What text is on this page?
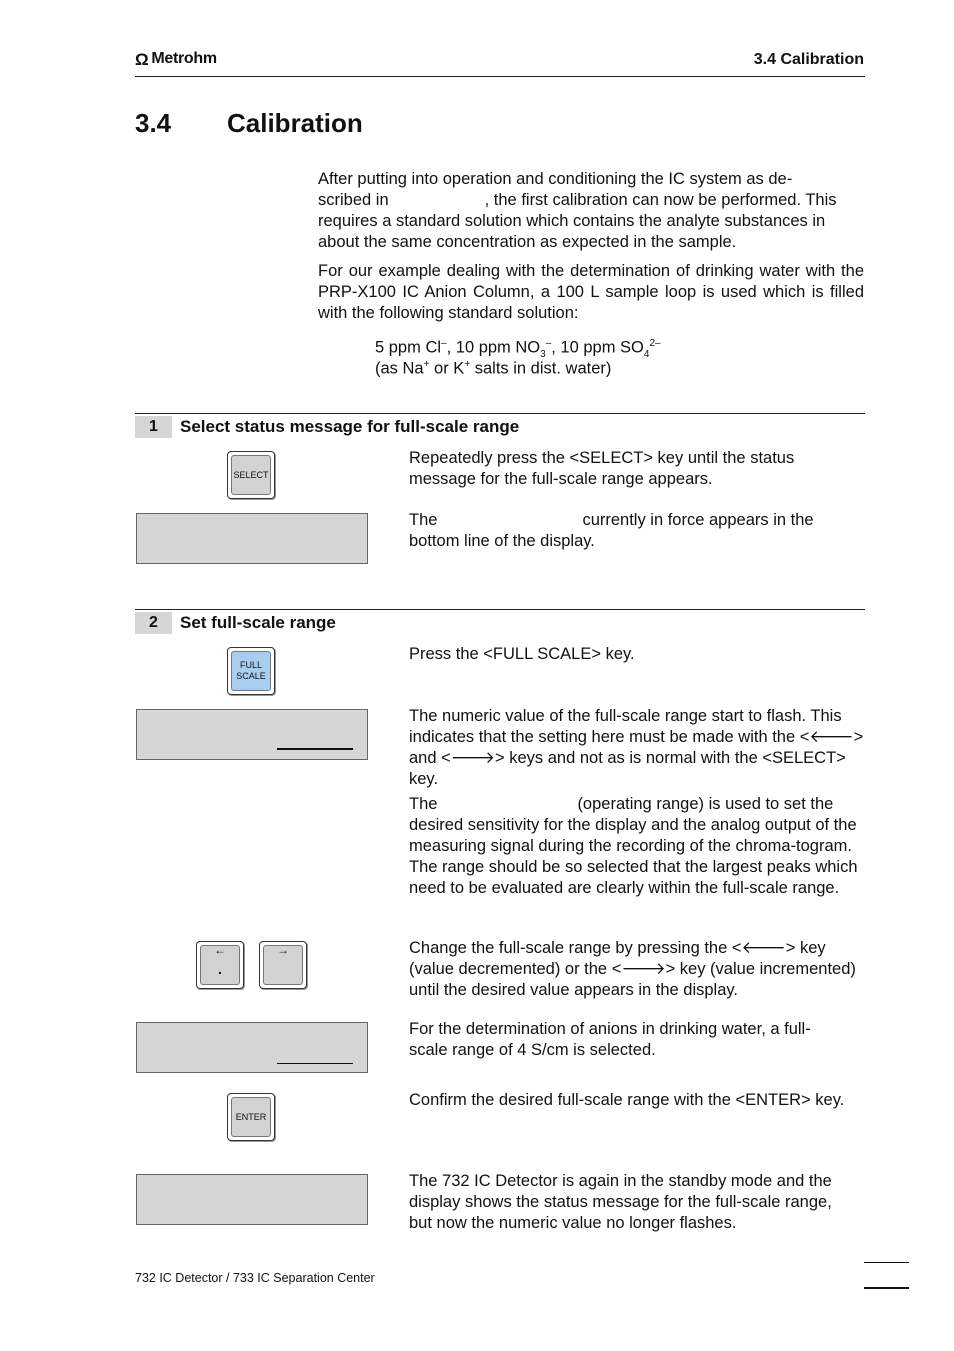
Ω Metrohm	3.4 Calibration
3.4	Calibration
After putting into operation and conditioning the IC system as de-
scribed in	, the first calibration can now be performed. This
requires a standard solution which contains the analyte substances in
about the same concentration as expected in the sample.
For our example dealing with the determination of drinking water with the PRP-X100 IC Anion Column, a 100 L sample loop is used which is filled with the following standard solution:
5 ppm Cl–, 10 ppm $NO_3^-$, 10 ppm $SO_4^{2-}$
(as Na+ or K+ salts in dist. water)
1	Select status message for full-scale range
SELECT
Repeatedly press the <SELECT> key until the status message for the full-scale range appears.
The	currently in force appears in the
bottom line of the display.
2	Set full-scale range
FULL SCALE
Press the <FULL SCALE> key.
The numeric value of the full-scale range start to flash. This indicates that the setting here must be made with the <🡐> and <🡒> keys and not as is normal with the <SELECT> key.
The	(operating range) is used to set the
desired sensitivity for the display and the analog output of the measuring signal during the recording of the chroma-togram. The range should be so selected that the largest peaks which need to be evaluated are clearly within the full-scale range.
←
.
→	Change the full-scale range by pressing the <🡐> key (value decremented) or the <🡒> key (value incremented) until the desired value appears in the display.
For the determination of anions in drinking water, a full-scale range of 4 S/cm is selected.
ENTER
Confirm the desired full-scale range with the <ENTER> key.
The 732 IC Detector is again in the standby mode and the display shows the status message for the full-scale range, but now the numeric value no longer flashes.
732 IC Detector / 733 IC Separation Center
